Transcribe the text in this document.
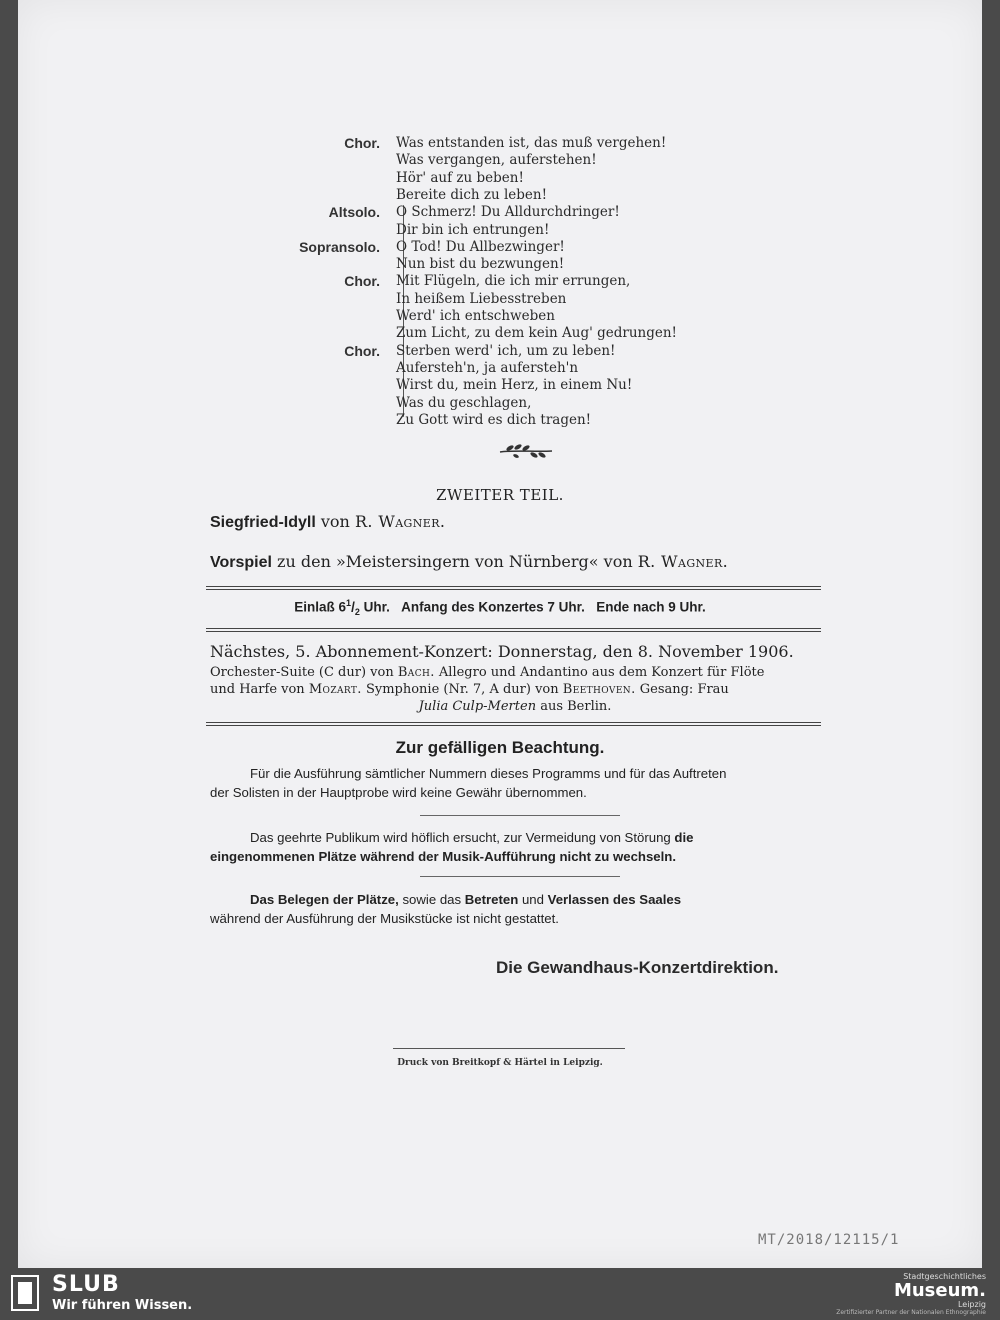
Chor. Was entstanden ist, das muß vergehen!
Was vergangen, auferstehen!
Hör' auf zu beben!
Bereite dich zu leben!
Altsolo. O Schmerz! Du Alldurchdringer!
Dir bin ich entrungen!
Sopransolo. O Tod! Du Allbezwinger!
Nun bist du bezwungen!
Chor. Mit Flügeln, die ich mir errungen,
In heißem Liebesstreben
Werd' ich entschweben
Zum Licht, zu dem kein Aug' gedrungen!
Chor. Sterben werd' ich, um zu leben!
Aufersteh'n, ja aufersteh'n
Wirst du, mein Herz, in einem Nu!
Was du geschlagen,
Zu Gott wird es dich tragen!
ZWEITER TEIL.
Siegfried-Idyll von R. Wagner.
Vorspiel zu den »Meistersingern von Nürnberg« von R. Wagner.
Einlaß $6^1/_2$ Uhr. Anfang des Konzertes 7 Uhr. Ende nach 9 Uhr.
Nächstes, 5. Abonnement-Konzert: Donnerstag, den 8. November 1906.
Orchester-Suite (C dur) von Bach. Allegro und Andantino aus dem Konzert für Flöte
und Harfe von Mozart. Symphonie (Nr. 7, A dur) von Beethoven. Gesang: Frau
Julia Culp-Merten aus Berlin.
Zur gefälligen Beachtung.
Für die Ausführung sämtlicher Nummern dieses Programms und für das Auftreten
der Solisten in der Hauptprobe wird keine Gewähr übernommen.
Das geehrte Publikum wird höflich ersucht, zur Vermeidung von Störung die
eingenommenen Plätze während der Musik-Aufführung nicht zu wechseln.
Das Belegen der Plätze, sowie das Betreten und Verlassen des Saales
während der Ausführung der Musikstücke ist nicht gestattet.
Die Gewandhaus-Konzertdirektion.
Druck von Breitkopf & Härtel in Leipzig.
MT/2018/12115/1
SLUB
Wir führen Wissen.
Stadtgeschichtliches
Museum.
Leipzig
Zertifizierter Partner der Nationalen Ethnographie
